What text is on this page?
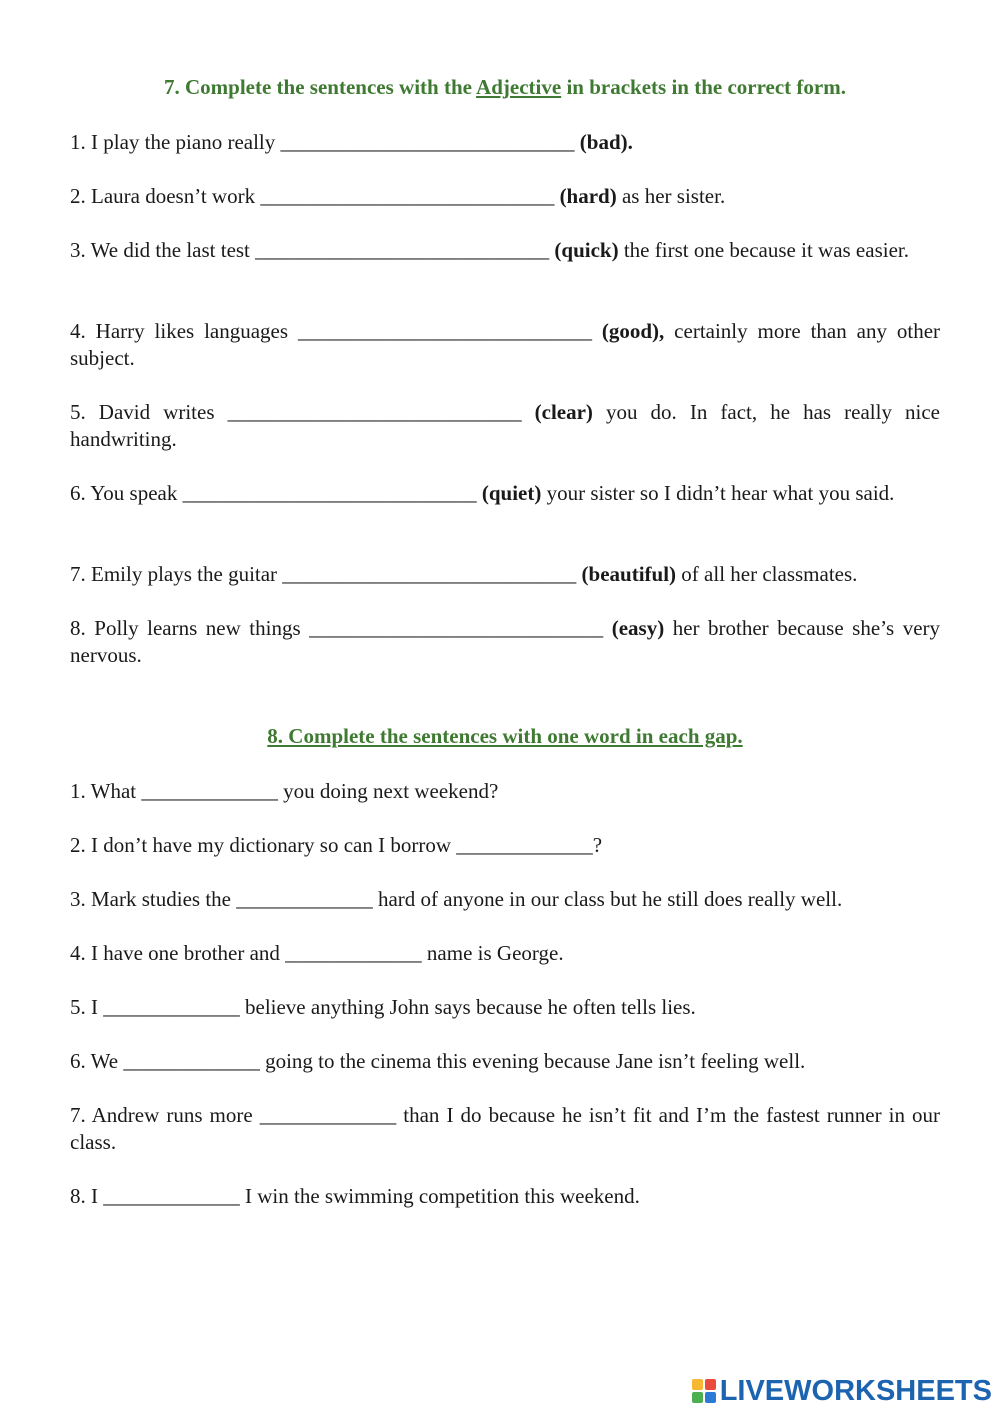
7. Complete the sentences with the Adjective in brackets in the correct form.

1. I play the piano really ____________________________ (bad).

2. Laura doesn’t work ____________________________ (hard) as her sister.

3. We did the last test ____________________________ (quick) the first one because it was easier.

4. Harry likes languages ____________________________ (good), certainly more than any other subject.

5. David writes ____________________________ (clear) you do. In fact, he has really nice handwriting.

6. You speak ____________________________ (quiet) your sister so I didn’t hear what you said.

7. Emily plays the guitar ____________________________ (beautiful) of all her classmates.

8. Polly learns new things ____________________________ (easy) her brother because she’s very nervous.

8. Complete the sentences with one word in each gap.

1. What _____________ you doing next weekend?

2. I don’t have my dictionary so can I borrow _____________?

3. Mark studies the _____________ hard of anyone in our class but he still does really well.

4. I have one brother and _____________ name is George.

5. I _____________ believe anything John says because he often tells lies.

6. We _____________ going to the cinema this evening because Jane isn’t feeling well.

7. Andrew runs more _____________ than I do because he isn’t fit and I’m the fastest runner in our class.

8. I _____________ I win the swimming competition this weekend.

LIVEWORKSHEETS
